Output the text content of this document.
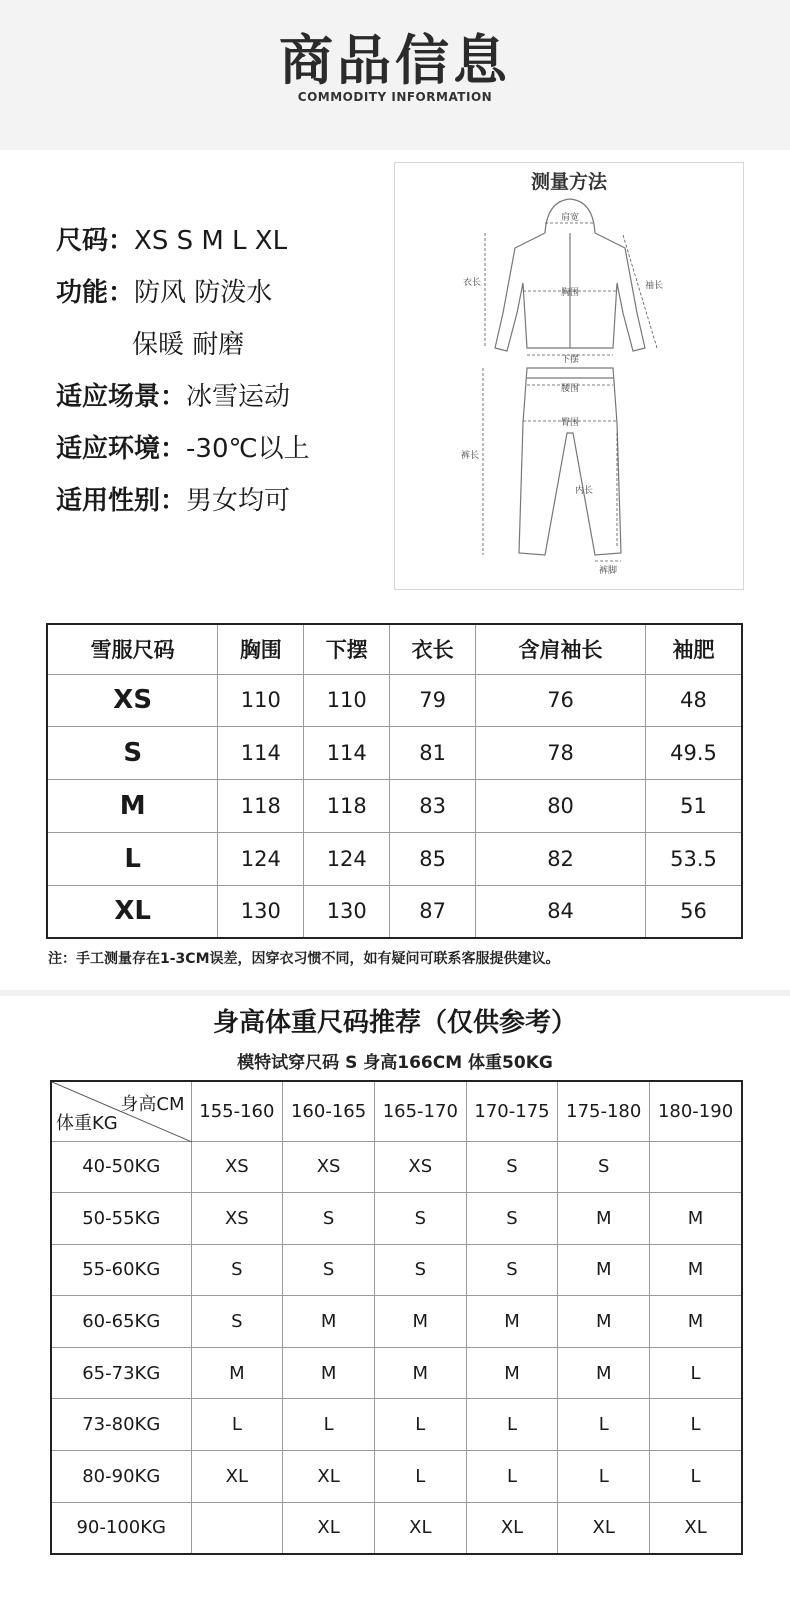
商品信息
COMMODITY INFORMATION
尺码：XS S M L XL
功能：防风 防泼水
保暖 耐磨
适应场景：冰雪运动
适应环境：-30℃以上
适用性别：男女均可
肩宽
衣长
胸围
袖长
下摆
腰围
臀围
裤长
内长
裤脚
测量方法
雪服尺码	胸围	下摆	衣长	含肩袖长	袖肥
XS	110	110	79	76	48
S	114	114	81	78	49.5
M	118	118	83	80	51
L	124	124	85	82	53.5
XL	130	130	87	84	56
注：手工测量存在1-3CM误差，因穿衣习惯不同，如有疑问可联系客服提供建议。
身高体重尺码推荐（仅供参考）
模特试穿尺码 S 身高166CM 体重50KG
身高CM
体重KG	155-160	160-165	165-170	170-175	175-180	180-190
40-50KG	XS	XS	XS	S	S	
50-55KG	XS	S	S	S	M	M
55-60KG	S	S	S	S	M	M
60-65KG	S	M	M	M	M	M
65-73KG	M	M	M	M	M	L
73-80KG	L	L	L	L	L	L
80-90KG	XL	XL	L	L	L	L
90-100KG		XL	XL	XL	XL	XL
